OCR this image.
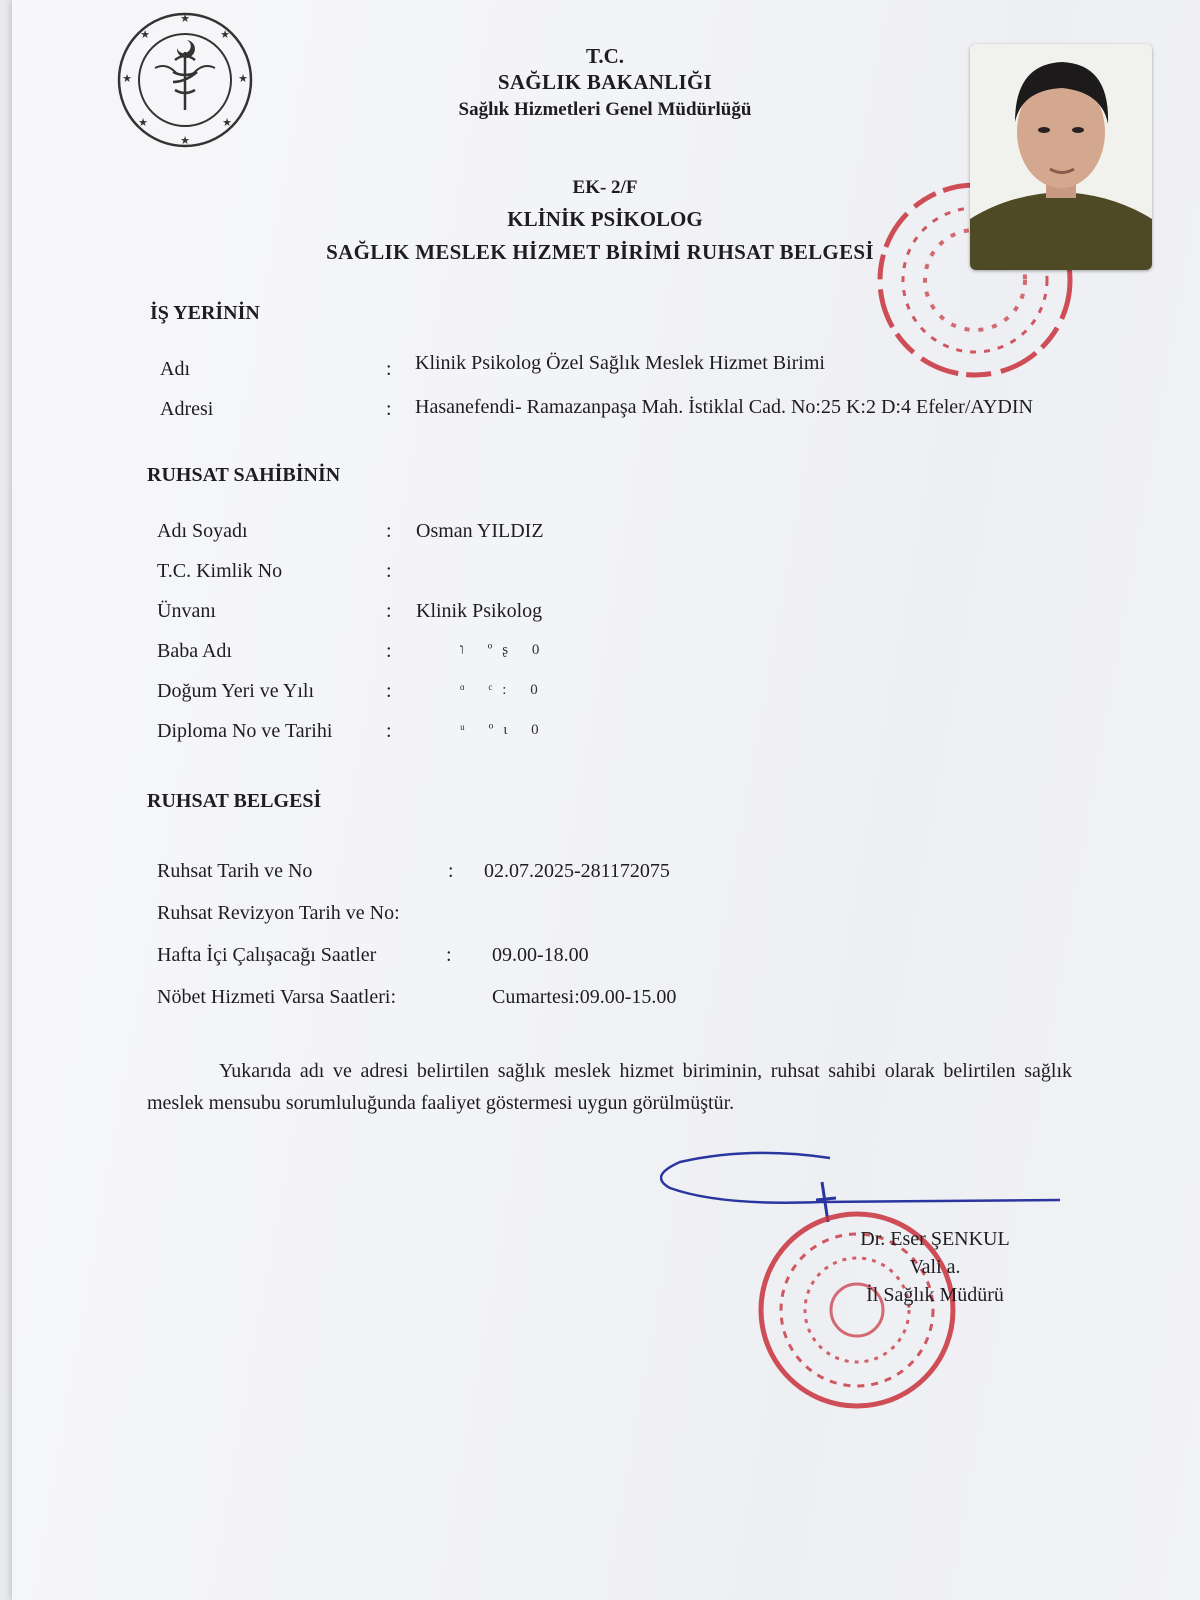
★
★
★
★
★
★
★
★
T.C.
SAĞLIK BAKANLIĞI
Sağlık Hizmetleri Genel Müdürlüğü
EK- 2/F
KLİNİK PSİKOLOG
SAĞLIK MESLEK HİZMET BİRİMİ RUHSAT BELGESİ
İŞ YERİNİN
Adı	: Klinik Psikolog Özel Sağlık Meslek Hizmet Birimi
Adresi	: Hasanefendi- Ramazanpaşa Mah. İstiklal Cad. No:25 K:2 D:4 Efeler/AYDIN
RUHSAT SAHİBİNİN
Adı Soyadı	: Osman YILDIZ
T.C. Kimlik No	:
Ünvanı	: Klinik Psikolog
Baba Adı	:	ו ºʂ 0
Doğum Yeri ve Yılı	:	ᵅ ᶜ: 0
Diploma No ve Tarihi	:	ᵘ ºɩ 0
RUHSAT BELGESİ
Ruhsat Tarih ve No	: 02.07.2025-281172075
Ruhsat Revizyon Tarih ve No:
Hafta İçi Çalışacağı Saatler	: 09.00-18.00
Nöbet Hizmeti Varsa Saatleri:	Cumartesi:09.00-15.00
Yukarıda adı ve adresi belirtilen sağlık meslek hizmet biriminin, ruhsat sahibi olarak belirtilen sağlık meslek mensubu sorumluluğunda faaliyet göstermesi uygun görülmüştür.
Dr. Eser ŞENKUL
Vali a.
İl Sağlık Müdürü
